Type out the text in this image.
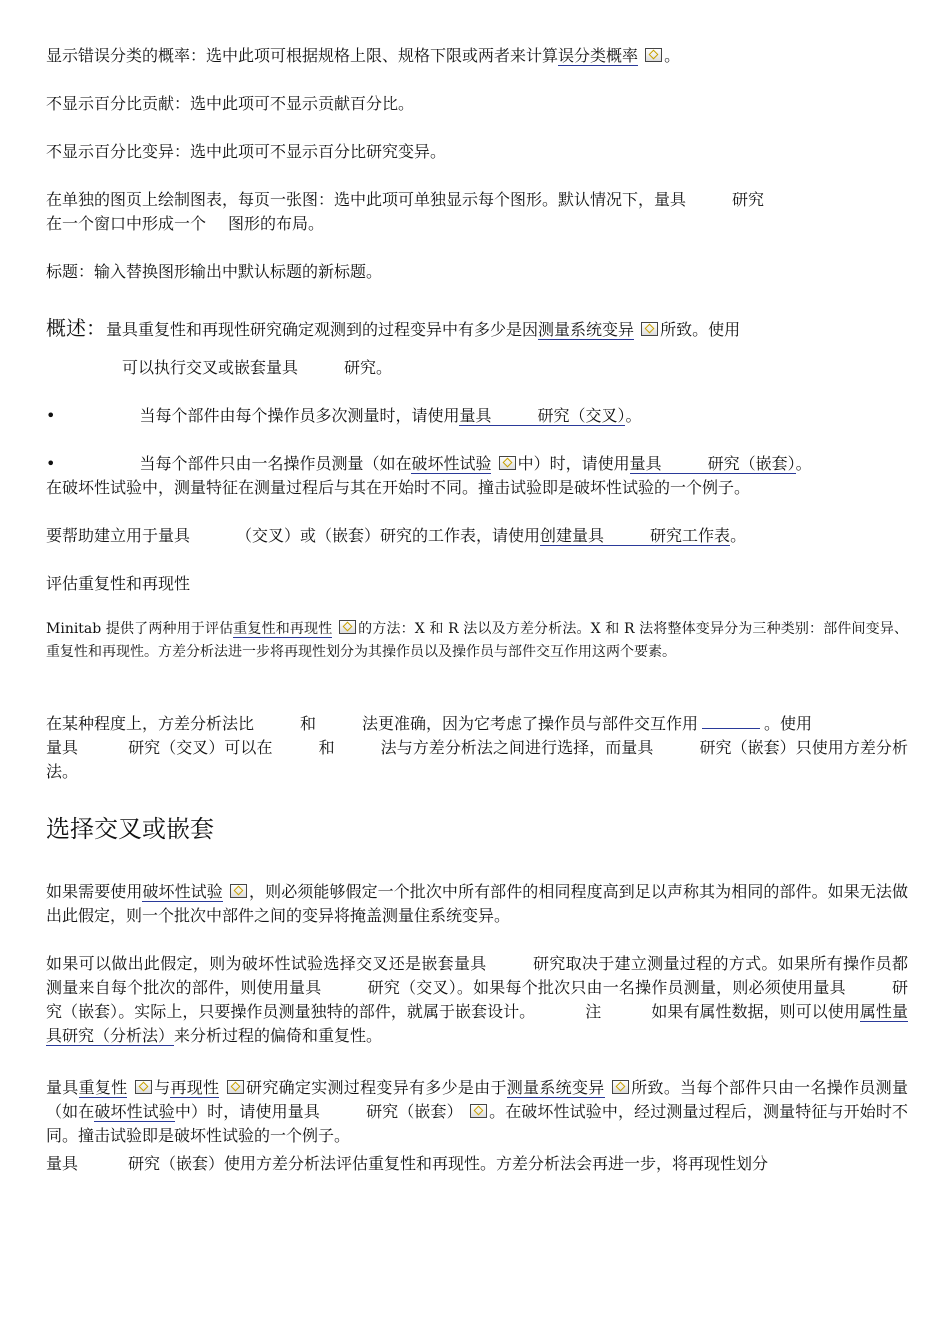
显示错误分类的概率：选中此项可根据规格上限、规格下限或两者来计算误分类概率 。
不显示百分比贡献：选中此项可不显示贡献百分比。
不显示百分比变异：选中此项可不显示百分比研究变异。
在单独的图页上绘制图表，每页一张图：选中此项可单独显示每个图形。默认情况下，量具	研究
在一个窗口中形成一个 图形的布局。
标题：输入替换图形输出中默认标题的新标题。
概述：量具重复性和再现性研究确定观测到的过程变异中有多少是因测量系统变异 所致。使用
可以执行交叉或嵌套量具	研究。
•	当每个部件由每个操作员多次测量时，请使用量具	研究（交叉）。
•	当每个部件只由一名操作员测量（如在破坏性试验 中）时，请使用量具	研究（嵌套）。
在破坏性试验中，测量特征在测量过程后与其在开始时不同。撞击试验即是破坏性试验的一个例子。
要帮助建立用于量具	（交叉）或（嵌套）研究的工作表，请使用创建量具	研究工作表。
评估重复性和再现性
Minitab 提供了两种用于评估重复性和再现性 的方法：X 和 R 法以及方差分析法。X 和 R 法将整体变异分为三种类别：部件间变异、重复性和再现性。方差分析法进一步将再现性划分为其操作员以及操作员与部件交互作用这两个要素。
在某种程度上，方差分析法比	和	法更准确，因为它考虑了操作员与部件交互作用	。使用
量具	研究（交叉）可以在	和	法与方差分析法之间进行选择，而量具	研究（嵌套）只使用方差分析法。
选择交叉或嵌套
如果需要使用破坏性试验 ，则必须能够假定一个批次中所有部件的相同程度高到足以声称其为相同的部件。如果无法做出此假定，则一个批次中部件之间的变异将掩盖测量住系统变异。
如果可以做出此假定，则为破坏性试验选择交叉还是嵌套量具	研究取决于建立测量过程的方式。如果所有操作员都测量来自每个批次的部件，则使用量具	研究（交叉）。如果每个批次只由一名操作员测量，则必须使用量具	研究（嵌套）。实际上，只要操作员测量独特的部件，就属于嵌套设计。	注	如果有属性数据，则可以使用属性量具研究（分析法）来分析过程的偏倚和重复性。
量具重复性 与再现性 研究确定实测过程变异有多少是由于测量系统变异 所致。当每个部件只由一名操作员测量（如在破坏性试验中）时，请使用量具	研究（嵌套） 。在破坏性试验中，经过测量过程后，测量特征与开始时不同。撞击试验即是破坏性试验的一个例子。
量具	研究（嵌套）使用方差分析法评估重复性和再现性。方差分析法会再进一步，将再现性划分
